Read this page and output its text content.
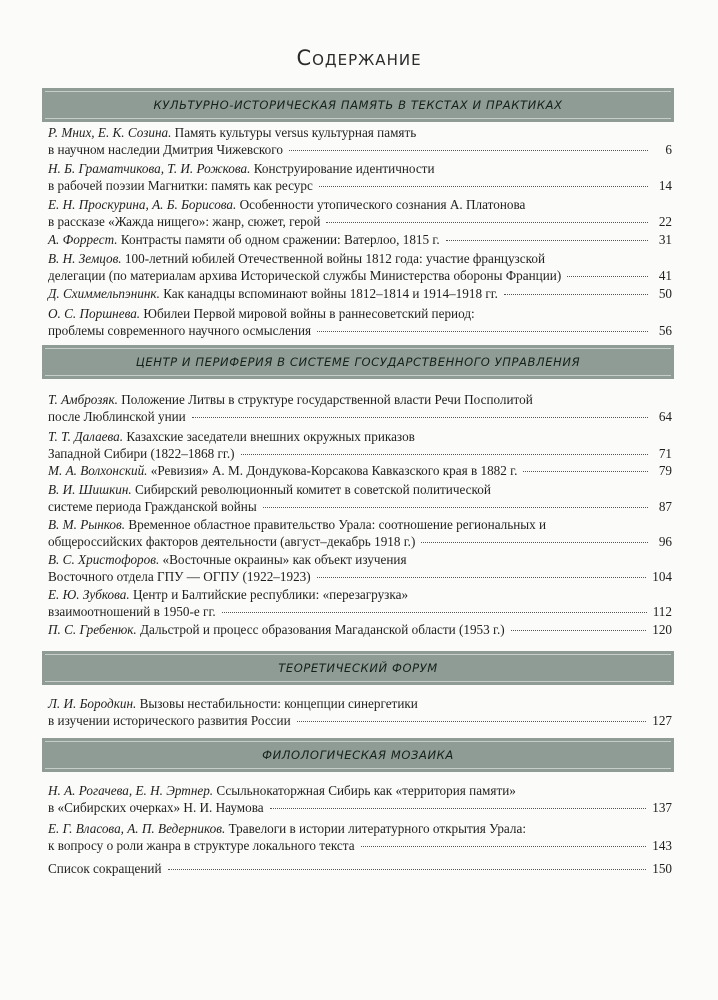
Содержание
КУЛЬТУРНО-ИСТОРИЧЕСКАЯ ПАМЯТЬ В ТЕКСТАХ И ПРАКТИКАХ
Р. Мних, Е. К. Созина. Память культуры versus культурная память
в научном наследии Дмитрия Чижевского	6
Н. Б. Граматчикова, Т. И. Рожкова. Конструирование идентичности
в рабочей поэзии Магнитки: память как ресурс	14
Е. Н. Проскурина, А. Б. Борисова. Особенности утопического сознания А. Платонова
в рассказе «Жажда нищего»: жанр, сюжет, герой	22
А. Форрест. Контрасты памяти об одном сражении: Ватерлоо, 1815 г.	31
В. Н. Земцов. 100-летний юбилей Отечественной войны 1812 года: участие французской
делегации (по материалам архива Исторической службы Министерства обороны Франции)	41
Д. Схиммельпэнинк. Как канадцы вспоминают войны 1812–1814 и 1914–1918 гг.	50
О. С. Поршнева. Юбилеи Первой мировой войны в раннесоветский период:
проблемы современного научного осмысления	56
ЦЕНТР И ПЕРИФЕРИЯ В СИСТЕМЕ ГОСУДАРСТВЕННОГО УПРАВЛЕНИЯ
Т. Амброзяк. Положение Литвы в структуре государственной власти Речи Посполитой
после Люблинской унии	64
Т. Т. Далаева. Казахские заседатели внешних окружных приказов
Западной Сибири (1822–1868 гг.)	71
М. А. Волхонский. «Ревизия» А. М. Дондукова-Корсакова Кавказского края в 1882 г.	79
В. И. Шишкин. Сибирский революционный комитет в советской политической
системе периода Гражданской войны	87
В. М. Рынков. Временное областное правительство Урала: соотношение региональных и
общероссийских факторов деятельности (август–декабрь 1918 г.)	96
В. С. Христофоров. «Восточные окраины» как объект изучения
Восточного отдела ГПУ — ОГПУ (1922–1923)	104
Е. Ю. Зубкова. Центр и Балтийские республики: «перезагрузка»
взаимоотношений в 1950-е гг.	112
П. С. Гребенюк. Дальстрой и процесс образования Магаданской области (1953 г.)	120
ТЕОРЕТИЧЕСКИЙ ФОРУМ
Л. И. Бородкин. Вызовы нестабильности: концепции синергетики
в изучении исторического развития России	127
ФИЛОЛОГИЧЕСКАЯ МОЗАИКА
Н. А. Рогачева, Е. Н. Эртнер. Ссыльнокаторжная Сибирь как «территория памяти»
в «Сибирских очерках» Н. И. Наумова	137
Е. Г. Власова, А. П. Ведерников. Травелоги в истории литературного открытия Урала:
к вопросу о роли жанра в структуре локального текста	143
Список сокращений	150
